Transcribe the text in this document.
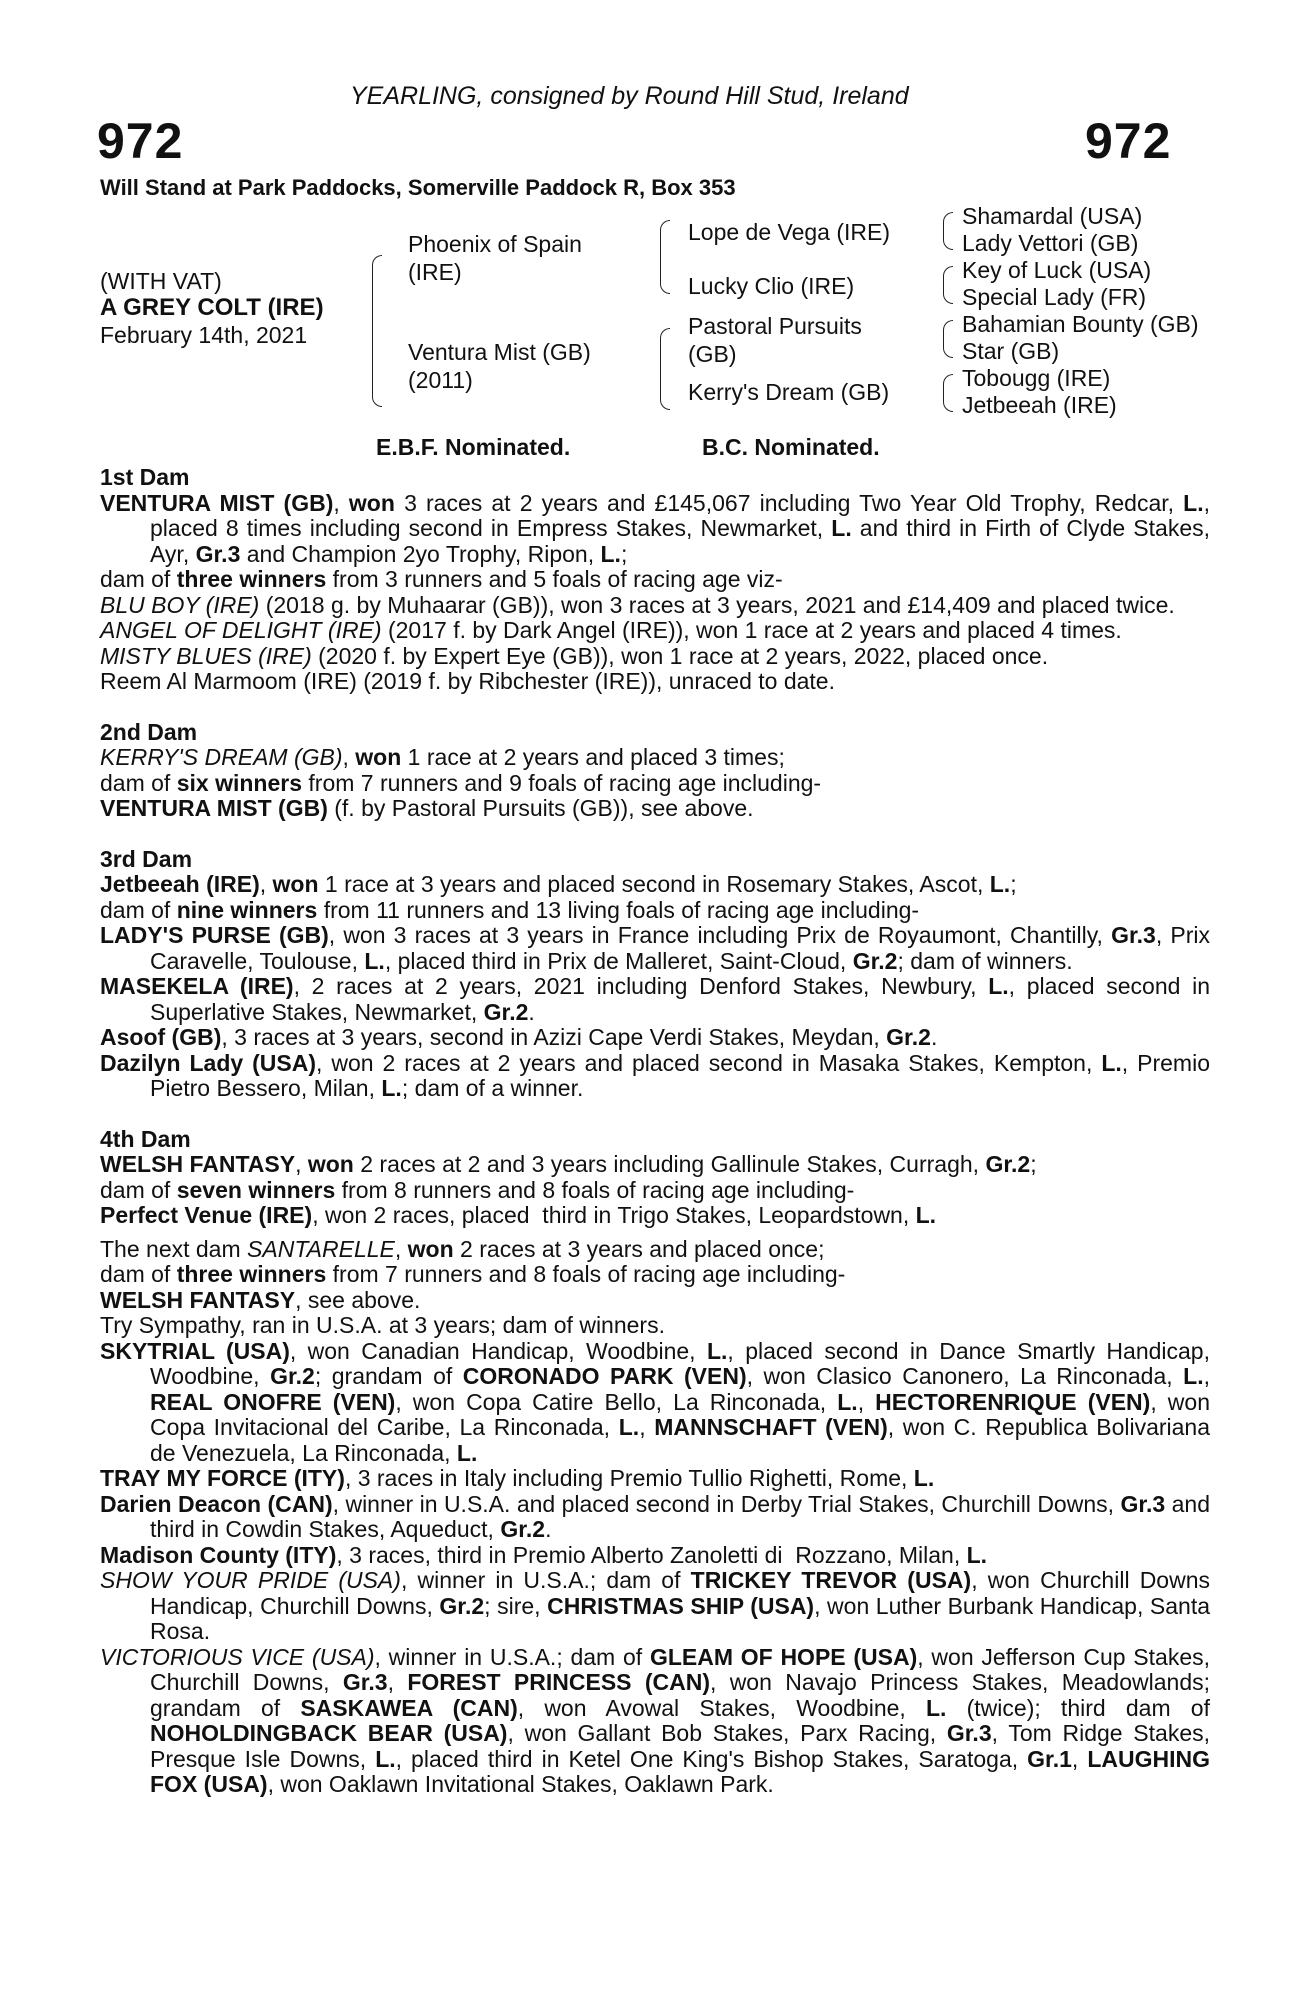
YEARLING, consigned by Round Hill Stud, Ireland
972	972
Will Stand at Park Paddocks, Somerville Paddock R, Box 353
(WITH VAT)
A GREY COLT (IRE)
February 14th, 2021
Phoenix of Spain (IRE)
Ventura Mist (GB) (2011)
Lope de Vega (IRE)
Lucky Clio (IRE)
Pastoral Pursuits (GB)
Kerry's Dream (GB)
Shamardal (USA)
Lady Vettori (GB)
Key of Luck (USA)
Special Lady (FR)
Bahamian Bounty (GB)
Star (GB)
Tobougg (IRE)
Jetbeeah (IRE)
E.B.F. Nominated.	B.C. Nominated.

1st Dam

VENTURA MIST (GB), won 3 races at 2 years and £145,067 including Two Year Old Trophy, Redcar, L., placed 8 times including second in Empress Stakes, Newmarket, L. and third in Firth of Clyde Stakes, Ayr, Gr.3 and Champion 2yo Trophy, Ripon, L.;

dam of three winners from 3 runners and 5 foals of racing age viz-

BLU BOY (IRE) (2018 g. by Muhaarar (GB)), won 3 races at 3 years, 2021 and £14,409 and placed twice.

ANGEL OF DELIGHT (IRE) (2017 f. by Dark Angel (IRE)), won 1 race at 2 years and placed 4 times.

MISTY BLUES (IRE) (2020 f. by Expert Eye (GB)), won 1 race at 2 years, 2022, placed once.

Reem Al Marmoom (IRE) (2019 f. by Ribchester (IRE)), unraced to date.

2nd Dam

KERRY'S DREAM (GB), won 1 race at 2 years and placed 3 times;

dam of six winners from 7 runners and 9 foals of racing age including-

VENTURA MIST (GB) (f. by Pastoral Pursuits (GB)), see above.

3rd Dam

Jetbeeah (IRE), won 1 race at 3 years and placed second in Rosemary Stakes, Ascot, L.;

dam of nine winners from 11 runners and 13 living foals of racing age including-

LADY'S PURSE (GB), won 3 races at 3 years in France including Prix de Royaumont, Chantilly, Gr.3, Prix Caravelle, Toulouse, L., placed third in Prix de Malleret, Saint-Cloud, Gr.2; dam of winners.

MASEKELA (IRE), 2 races at 2 years, 2021 including Denford Stakes, Newbury, L., placed second in Superlative Stakes, Newmarket, Gr.2.

Asoof (GB), 3 races at 3 years, second in Azizi Cape Verdi Stakes, Meydan, Gr.2.

Dazilyn Lady (USA), won 2 races at 2 years and placed second in Masaka Stakes, Kempton, L., Premio Pietro Bessero, Milan, L.; dam of a winner.

4th Dam

WELSH FANTASY, won 2 races at 2 and 3 years including Gallinule Stakes, Curragh, Gr.2;

dam of seven winners from 8 runners and 8 foals of racing age including-

Perfect Venue (IRE), won 2 races, placed  third in Trigo Stakes, Leopardstown, L.

The next dam SANTARELLE, won 2 races at 3 years and placed once;

dam of three winners from 7 runners and 8 foals of racing age including-

WELSH FANTASY, see above.

Try Sympathy, ran in U.S.A. at 3 years; dam of winners.

SKYTRIAL (USA), won Canadian Handicap, Woodbine, L., placed second in Dance Smartly Handicap, Woodbine, Gr.2; grandam of CORONADO PARK (VEN), won Clasico Canonero, La Rinconada, L., REAL ONOFRE (VEN), won Copa Catire Bello, La Rinconada, L., HECTORENRIQUE (VEN), won Copa Invitacional del Caribe, La Rinconada, L., MANNSCHAFT (VEN), won C. Republica Bolivariana de Venezuela, La Rinconada, L.

TRAY MY FORCE (ITY), 3 races in Italy including Premio Tullio Righetti, Rome, L.

Darien Deacon (CAN), winner in U.S.A. and placed second in Derby Trial Stakes, Churchill Downs, Gr.3 and third in Cowdin Stakes, Aqueduct, Gr.2.

Madison County (ITY), 3 races, third in Premio Alberto Zanoletti di  Rozzano, Milan, L.

SHOW YOUR PRIDE (USA), winner in U.S.A.; dam of TRICKEY TREVOR (USA), won Churchill Downs Handicap, Churchill Downs, Gr.2; sire, CHRISTMAS SHIP (USA), won Luther Burbank Handicap, Santa Rosa.

VICTORIOUS VICE (USA), winner in U.S.A.; dam of GLEAM OF HOPE (USA), won Jefferson Cup Stakes, Churchill Downs, Gr.3, FOREST PRINCESS (CAN), won Navajo Princess Stakes, Meadowlands; grandam of SASKAWEA (CAN), won Avowal Stakes, Woodbine, L. (twice); third dam of NOHOLDINGBACK BEAR (USA), won Gallant Bob Stakes, Parx Racing, Gr.3, Tom Ridge Stakes, Presque Isle Downs, L., placed third in Ketel One King's Bishop Stakes, Saratoga, Gr.1, LAUGHING FOX (USA), won Oaklawn Invitational Stakes, Oaklawn Park.
